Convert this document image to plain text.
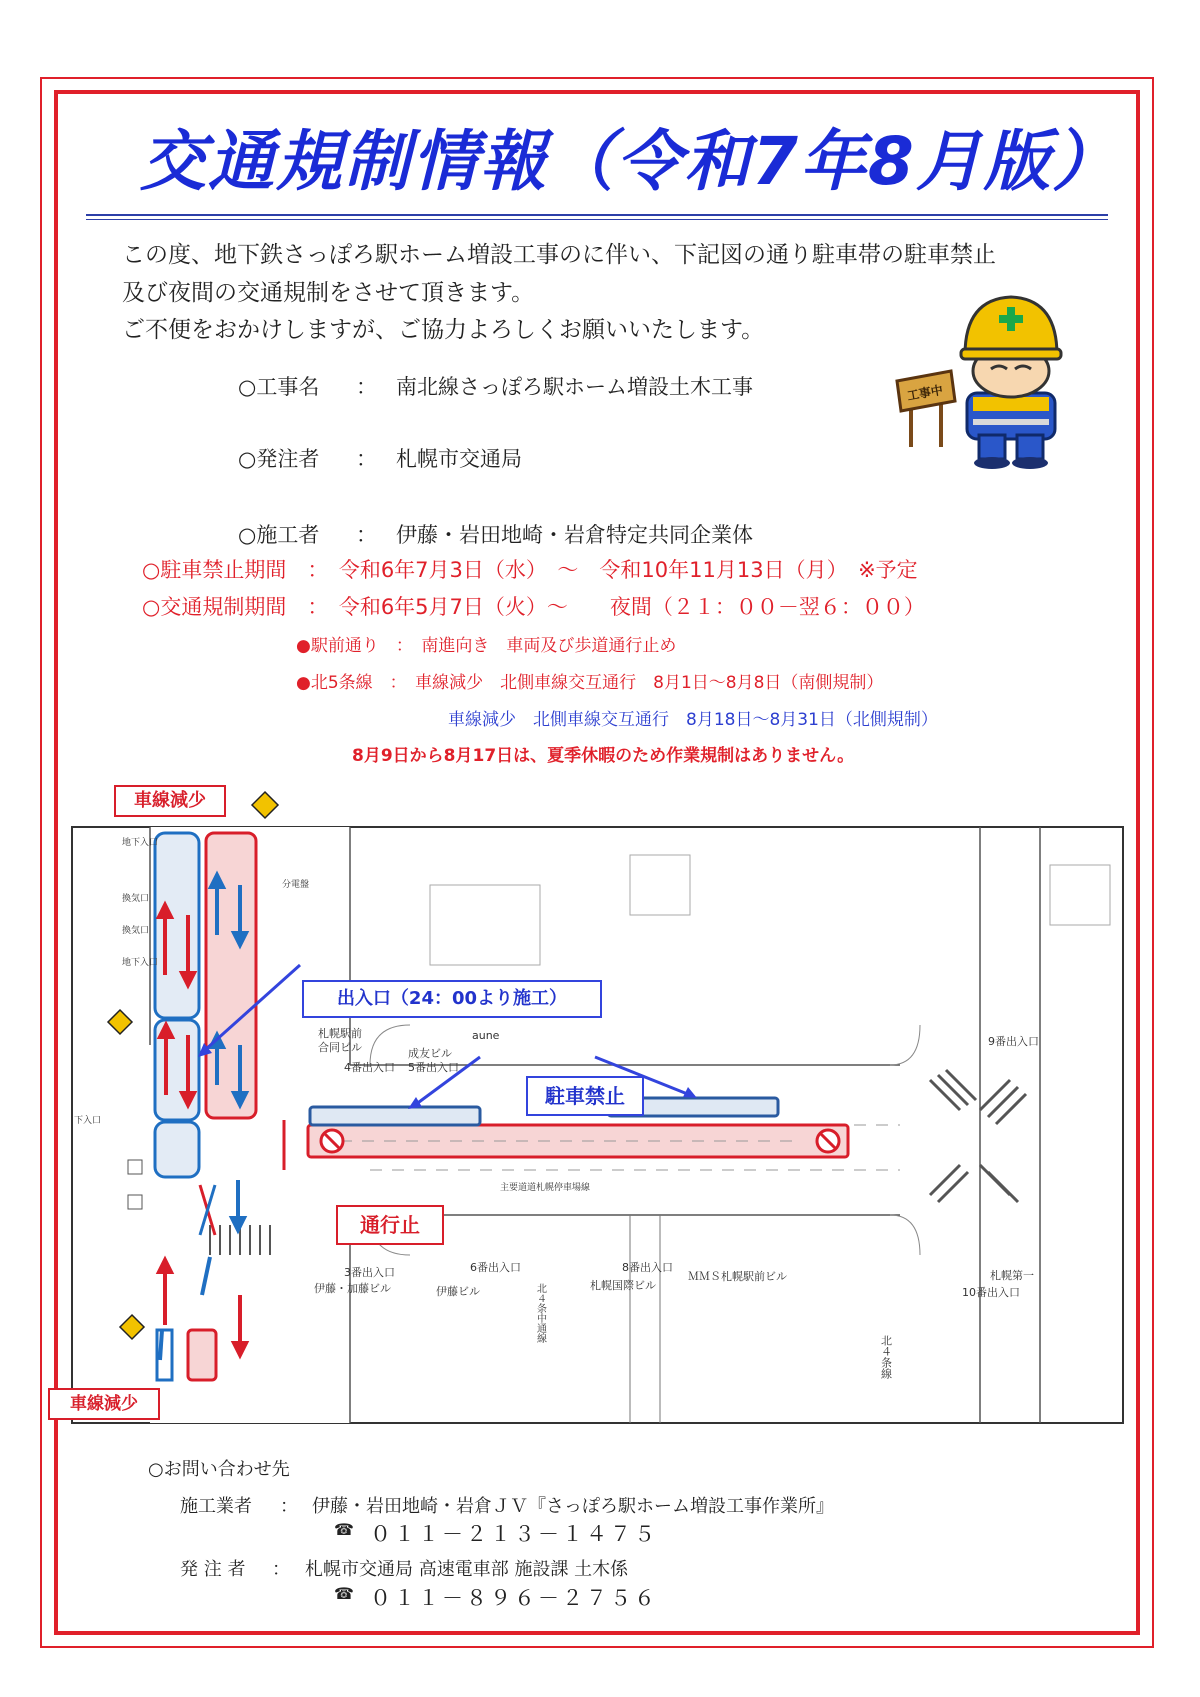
交通規制情報（令和7年8月版）
この度、地下鉄さっぽろ駅ホーム増設工事のに伴い、下記図の通り駐車帯の駐車禁止
及び夜間の交通規制をさせて頂きます。
ご不便をおかけしますが、ご協力よろしくお願いいたします。
○工事名 ： 南北線さっぽろ駅ホーム増設土木工事
○発注者 ： 札幌市交通局
○施工者 ： 伊藤・岩田地崎・岩倉特定共同企業体
工事中
○駐車禁止期間　：　令和6年7月3日（水）　～　令和10年11月13日（月）　※予定
○交通規制期間　：　令和6年5月7日（火）～　　夜間（２１：００－翌６：００）
●駅前通り　：　南進向き　車両及び歩道通行止め
●北5条線　：　車線減少　北側車線交互通行　8月1日～8月8日（南側規制）
車線減少　北側車線交互通行　8月18日～8月31日（北側規制）
8月9日から8月17日は、夏季休暇のため作業規制はありません。
札幌駅前
合同ビル
4番出入口
成友ビル
5番出入口
aune	9番出入口
3番出入口
伊藤・加藤ビル
6番出入口
伊藤ビル
8番出入口
札幌国際ビル
ＭＭＳ札幌駅前ビル	札幌第一
10番出入口
主要道道札幌停車場線
地下入口
換気口
換気口
地下入口
分電盤
下入口
北４条中通線
北４条線
車線減少
出入口（24：00より施工）
駐車禁止
通行止
車線減少
○お問い合わせ先
施工業者 ： 伊藤・岩田地崎・岩倉ＪＶ『さっぽろ駅ホーム増設工事作業所』
☎ ０１１－２１３－１４７５
発 注 者 ： 札幌市交通局 高速電車部 施設課 土木係
☎ ０１１－８９６－２７５６
